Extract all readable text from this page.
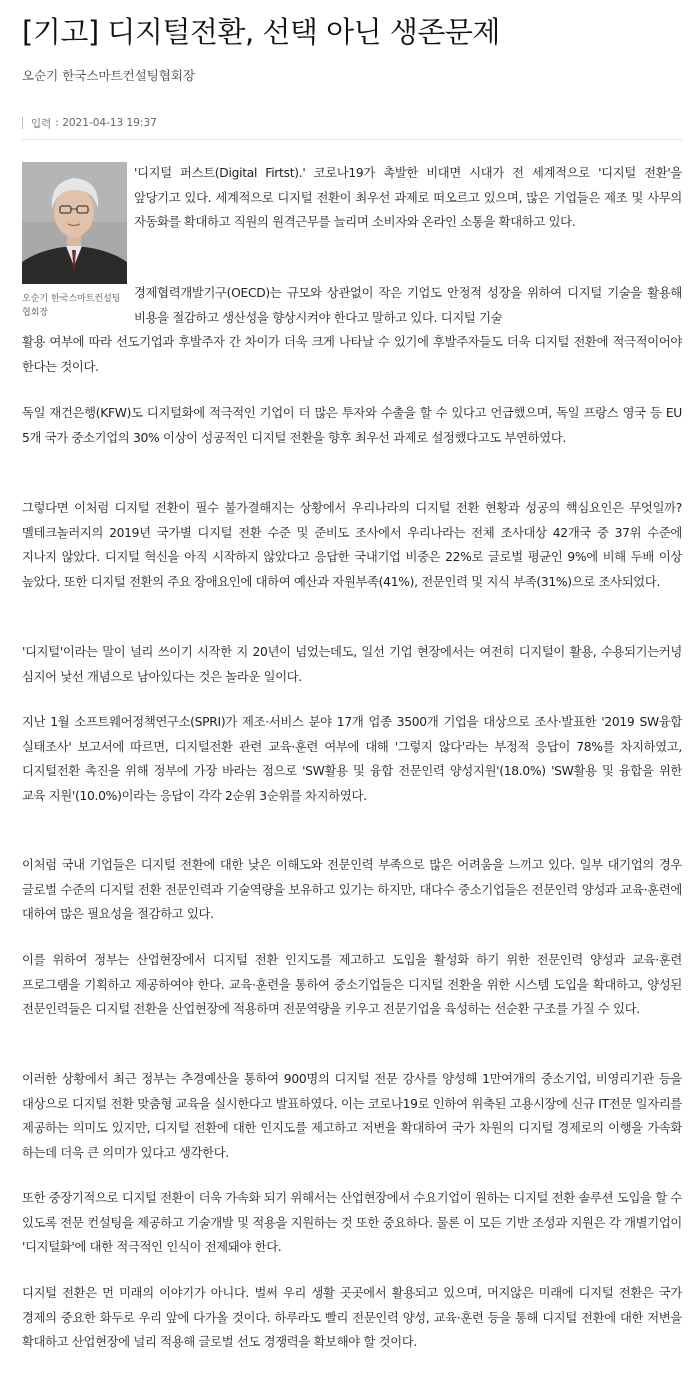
[기고] 디지털전환, 선택 아닌 생존문제

오순기 한국스마트컨설팅협회장

입력 : 2021-04-13 19:37
오순기 한국스마트컨설팅협회장

'디지털 퍼스트(Digital Firtst).' 코로나19가 촉발한 비대면 시대가 전 세계적으로 '디지털 전환'을 앞당기고 있다. 세계적으로 디지털 전환이 최우선 과제로 떠오르고 있으며, 많은 기업들은 제조 및 사무의 자동화를 확대하고 직원의 원격근무를 늘리며 소비자와 온라인 소통을 확대하고 있다.

경제협력개발기구(OECD)는 규모와 상관없이 작은 기업도 안정적 성장을 위하여 디지털 기술을 활용해 비용을 절감하고 생산성을 향상시켜야 한다고 말하고 있다. 디지털 기술

활용 여부에 따라 선도기업과 후발주자 간 차이가 더욱 크게 나타날 수 있기에 후발주자들도 더욱 디지털 전환에 적극적이어야 한다는 것이다.

독일 재건은행(KFW)도 디지털화에 적극적인 기업이 더 많은 투자와 수출을 할 수 있다고 언급했으며, 독일 프랑스 영국 등 EU 5개 국가 중소기업의 30% 이상이 성공적인 디지털 전환을 향후 최우선 과제로 설정했다고도 부연하였다.

그렇다면 이처럼 디지털 전환이 필수 불가결해지는 상황에서 우리나라의 디지털 전환 현황과 성공의 핵심요인은 무엇일까? 멜테크놀러지의 2019년 국가별 디지털 전환 수준 및 준비도 조사에서 우리나라는 전체 조사대상 42개국 중 37위 수준에 지나지 않았다. 디지털 혁신을 아직 시작하지 않았다고 응답한 국내기업 비중은 22%로 글로벌 평균인 9%에 비해 두배 이상 높았다. 또한 디지털 전환의 주요 장애요인에 대하여 예산과 자원부족(41%), 전문인력 및 지식 부족(31%)으로 조사되었다.

'디지털'이라는 말이 널리 쓰이기 시작한 지 20년이 넘었는데도, 일선 기업 현장에서는 여전히 디지털이 활용, 수용되기는커녕 심지어 낯선 개념으로 남아있다는 것은 놀라운 일이다.

지난 1월 소프트웨어정책연구소(SPRI)가 제조·서비스 분야 17개 업종 3500개 기업을 대상으로 조사·발표한 '2019 SW융합 실태조사' 보고서에 따르면, 디지털전환 관련 교육·훈련 여부에 대해 '그렇지 않다'라는 부정적 응답이 78%를 차지하였고, 디지털전환 촉진을 위해 정부에 가장 바라는 점으로 'SW활용 및 융합 전문인력 양성지원'(18.0%) 'SW활용 및 융합을 위한 교육 지원'(10.0%)이라는 응답이 각각 2순위 3순위를 차지하였다.

이처럼 국내 기업들은 디지털 전환에 대한 낮은 이해도와 전문인력 부족으로 많은 어려움을 느끼고 있다. 일부 대기업의 경우 글로벌 수준의 디지털 전환 전문인력과 기술역량을 보유하고 있기는 하지만, 대다수 중소기업들은 전문인력 양성과 교육·훈련에 대하여 많은 필요성을 절감하고 있다.

이를 위하여 정부는 산업현장에서 디지털 전환 인지도를 제고하고 도입을 활성화 하기 위한 전문인력 양성과 교육·훈련 프로그램을 기획하고 제공하여야 한다. 교육·훈련을 통하여 중소기업들은 디지털 전환을 위한 시스템 도입을 확대하고, 양성된 전문인력들은 디지털 전환을 산업현장에 적용하며 전문역량을 키우고 전문기업을 육성하는 선순환 구조를 가질 수 있다.

이러한 상황에서 최근 정부는 추경예산을 통하여 900명의 디지털 전문 강사를 양성해 1만여개의 중소기업, 비영리기관 등을 대상으로 디지털 전환 맞춤형 교육을 실시한다고 발표하였다. 이는 코로나19로 인하여 위축된 고용시장에 신규 IT전문 일자리를 제공하는 의미도 있지만, 디지털 전환에 대한 인지도를 제고하고 저변을 확대하여 국가 차원의 디지털 경제로의 이행을 가속화 하는데 더욱 큰 의미가 있다고 생각한다.

또한 중장기적으로 디지털 전환이 더욱 가속화 되기 위해서는 산업현장에서 수요기업이 원하는 디지털 전환 솔루션 도입을 할 수 있도록 전문 컨설팅을 제공하고 기술개발 및 적용을 지원하는 것 또한 중요하다. 물론 이 모든 기반 조성과 지원은 각 개별기업이 '디지털화'에 대한 적극적인 인식이 전제돼야 한다.

디지털 전환은 먼 미래의 이야기가 아니다. 벌써 우리 생활 곳곳에서 활용되고 있으며, 머지않은 미래에 디지털 전환은 국가 경제의 중요한 화두로 우리 앞에 다가올 것이다. 하루라도 빨리 전문인력 양성, 교육·훈련 등을 통해 디지털 전환에 대한 저변을 확대하고 산업현장에 널리 적용해 글로벌 선도 경쟁력을 확보해야 할 것이다.
